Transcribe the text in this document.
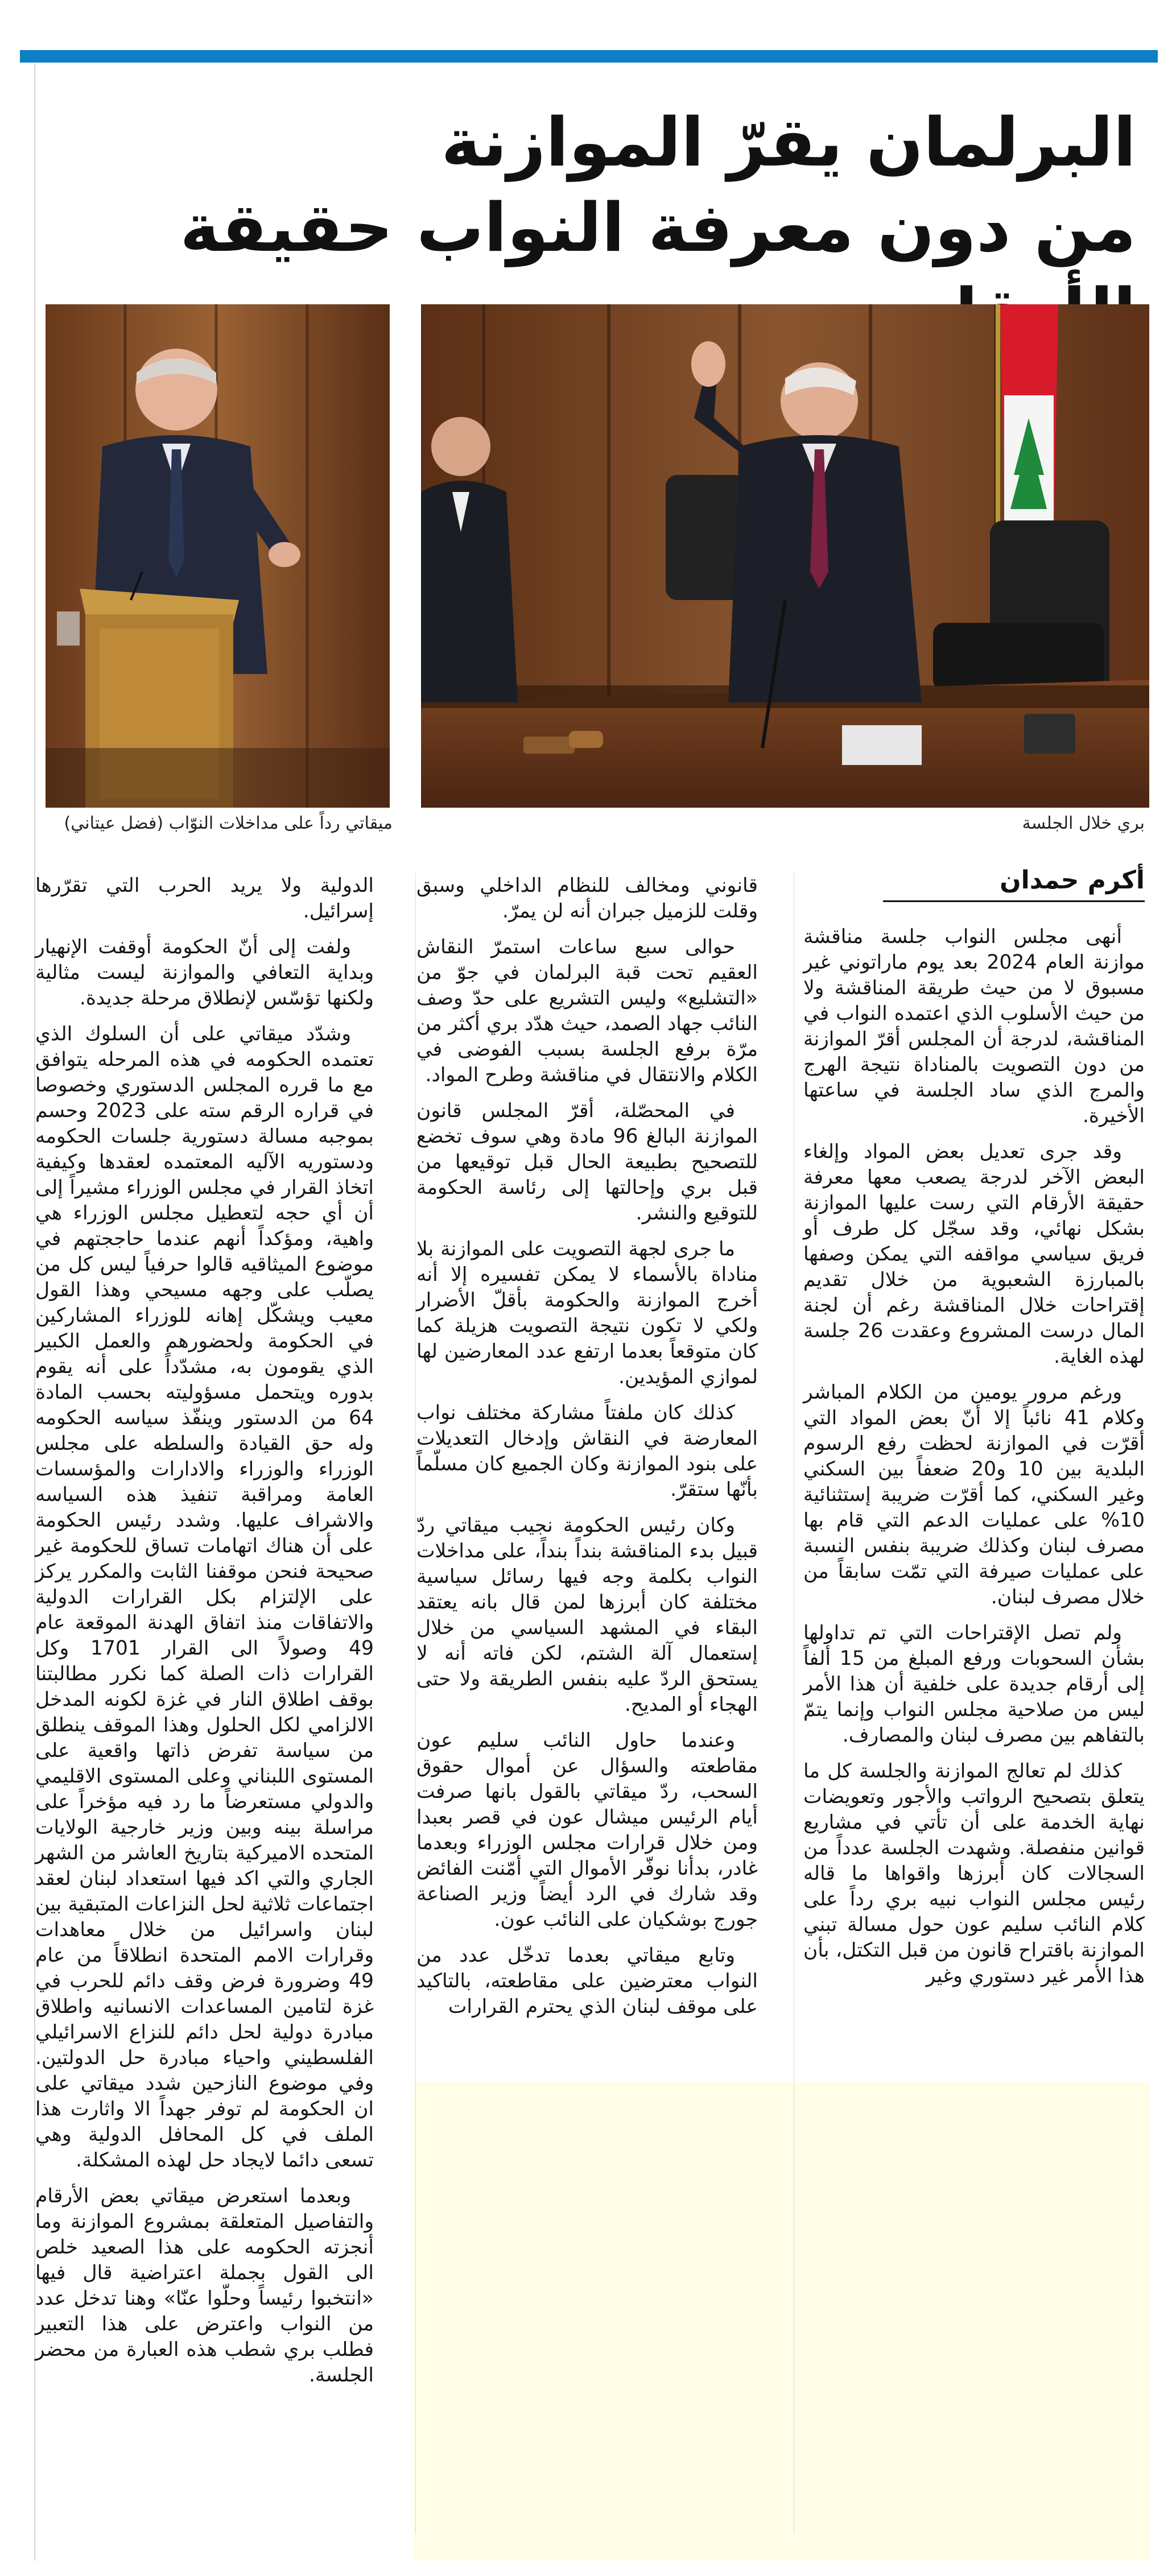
البرلمان يقرّ الموازنة
من دون معرفة النواب حقيقة
بري خلال الجلسة
ميقاتي رداً على مداخلات النوّاب (فضل عيتاني)
أكرم حمدان

أنهى مجلس النواب جلسة مناقشة موازنة العام 2024 بعد يوم ماراتوني غير مسبوق لا من حيث طريقة المناقشة ولا من حيث الأسلوب الذي اعتمده النواب في المناقشة، لدرجة أن المجلس أقرّ الموازنة من دون التصويت بالمناداة نتيجة الهرج والمرج الذي ساد الجلسة في ساعتها الأخيرة.

وقد جرى تعديل بعض المواد وإلغاء البعض الآخر لدرجة يصعب معها معرفة حقيقة الأرقام التي رست عليها الموازنة بشكل نهائي، وقد سجّل كل طرف أو فريق سياسي مواقفه التي يمكن وصفها بالمبارزة الشعبوية من خلال تقديم إقتراحات خلال المناقشة رغم أن لجنة المال درست المشروع وعقدت 26 جلسة لهذه الغاية.

ورغم مرور يومين من الكلام المباشر وكلام 41 نائباً إلا أنّ بعض المواد التي أقرّت في الموازنة لحظت رفع الرسوم البلدية بين 10 و20 ضعفاً بين السكني وغير السكني، كما أقرّت ضريبة إستثنائية 10% على عمليات الدعم التي قام بها مصرف لبنان وكذلك ضريبة بنفس النسبة على عمليات صيرفة التي تمّت سابقاً من خلال مصرف لبنان.

ولم تصل الإقتراحات التي تم تداولها بشأن السحوبات ورفع المبلغ من 15 ألفاً إلى أرقام جديدة على خلفية أن هذا الأمر ليس من صلاحية مجلس النواب وإنما يتمّ بالتفاهم بين مصرف لبنان والمصارف.

كذلك لم تعالج الموازنة والجلسة كل ما يتعلق بتصحيح الرواتب والأجور وتعويضات نهاية الخدمة على أن تأتي في مشاريع قوانين منفصلة. وشهدت الجلسة عدداً من السجالات كان أبرزها واقواها ما قاله رئيس مجلس النواب نبيه بري رداً على كلام النائب سليم عون حول مسالة تبني الموازنة باقتراح قانون من قبل التكتل، بأن هذا الأمر غير دستوري وغير

قانوني ومخالف للنظام الداخلي وسبق وقلت للزميل جبران أنه لن يمرّ.

حوالى سبع ساعات استمرّ النقاش العقيم تحت قبة البرلمان في جوّ من «التشليع» وليس التشريع على حدّ وصف النائب جهاد الصمد، حيث هدّد بري أكثر من مرّة برفع الجلسة بسبب الفوضى في الكلام والانتقال في مناقشة وطرح المواد.

في المحصّلة، أقرّ المجلس قانون الموازنة البالغ 96 مادة وهي سوف تخضع للتصحيح بطبيعة الحال قبل توقيعها من قبل بري وإحالتها إلى رئاسة الحكومة للتوقيع والنشر.

ما جرى لجهة التصويت على الموازنة بلا مناداة بالأسماء لا يمكن تفسيره إلا أنه أخرج الموازنة والحكومة بأقلّ الأضرار ولكي لا تكون نتيجة التصويت هزيلة كما كان متوقعاً بعدما ارتفع عدد المعارضين لها لموازي المؤيدين.

كذلك كان ملفتاً مشاركة مختلف نواب المعارضة في النقاش وإدخال التعديلات على بنود الموازنة وكان الجميع كان مسلّماً بأنّها ستقرّ.

وكان رئيس الحكومة نجيب ميقاتي ردّ قبيل بدء المناقشة بنداً بنداً، على مداخلات النواب بكلمة وجه فيها رسائل سياسية مختلفة كان أبرزها لمن قال بانه يعتقد البقاء في المشهد السياسي من خلال إستعمال آلة الشتم، لكن فاته أنه لا يستحق الردّ عليه بنفس الطريقة ولا حتى الهجاء أو المديح.

وعندما حاول النائب سليم عون مقاطعته والسؤال عن أموال حقوق السحب، ردّ ميقاتي بالقول بانها صرفت أيام الرئيس ميشال عون في قصر بعبدا ومن خلال قرارات مجلس الوزراء وبعدما غادر، بدأنا نوفّر الأموال التي أمّنت الفائض وقد شارك في الرد أيضاً وزير الصناعة جورج بوشكيان على النائب عون.

وتابع ميقاتي بعدما تدخّل عدد من النواب معترضين على مقاطعته، بالتاكيد على موقف لبنان الذي يحترم القرارات

الدولية ولا يريد الحرب التي تقرّرها إسرائيل.

ولفت إلى أنّ الحكومة أوقفت الإنهيار وبداية التعافي والموازنة ليست مثالية ولكنها تؤسّس لإنطلاق مرحلة جديدة.

وشدّد ميقاتي على أن السلوك الذي تعتمده الحكومه في هذه المرحله يتوافق مع ما قرره المجلس الدستوري وخصوصا في قراره الرقم سته على 2023 وحسم بموجبه مسالة دستورية جلسات الحكومه ودستوريه الآليه المعتمده لعقدها وكيفية اتخاذ القرار في مجلس الوزراء مشيراً إلى أن أي حجه لتعطيل مجلس الوزراء هي واهية، ومؤكداً أنهم عندما حاججتهم في موضوع الميثاقيه قالوا حرفياً ليس كل من يصلّب على وجهه مسيحي وهذا القول معيب ويشكّل إهانه للوزراء المشاركين في الحكومة ولحضورهم والعمل الكبير الذي يقومون به، مشدّداً على أنه يقوم بدوره ويتحمل مسؤوليته بحسب المادة 64 من الدستور وينفّذ سياسه الحكومه وله حق القيادة والسلطه على مجلس الوزراء والوزراء والادارات والمؤسسات العامة ومراقبة تنفيذ هذه السياسه والاشراف عليها. وشدد رئيس الحكومة على أن هناك اتهامات تساق للحكومة غير صحيحة فنحن موقفنا الثابت والمكرر يركز على الإلتزام بكل القرارات الدولية والاتفاقات منذ اتفاق الهدنة الموقعة عام 49 وصولاً الى القرار 1701 وكل القرارات ذات الصلة كما نكرر مطالبتنا بوقف اطلاق النار في غزة لكونه المدخل الالزامي لكل الحلول وهذا الموقف ينطلق من سياسة تفرض ذاتها واقعية على المستوى اللبناني وعلى المستوى الاقليمي والدولي مستعرضاً ما رد فيه مؤخراً على مراسلة بينه وبين وزير خارجية الولايات المتحده الاميركية بتاريخ العاشر من الشهر الجاري والتي اكد فيها استعداد لبنان لعقد اجتماعات ثلاثية لحل النزاعات المتبقية بين لبنان واسرائيل من خلال معاهدات وقرارات الامم المتحدة انطلاقاً من عام 49 وضرورة فرض وقف دائم للحرب في غزة لتامين المساعدات الانسانيه واطلاق مبادرة دولية لحل دائم للنزاع الاسرائيلي الفلسطيني واحياء مبادرة حل الدولتين. وفي موضوع النازحين شدد ميقاتي على ان الحكومة لم توفر جهداً الا واثارت هذا الملف في كل المحافل الدولية وهي تسعى دائما لايجاد حل لهذه المشكلة.

وبعدما استعرض ميقاتي بعض الأرقام والتفاصيل المتعلقة بمشروع الموازنة وما أنجزته الحكومه على هذا الصعيد خلص الى القول بجملة اعتراضية قال فيها «انتخبوا رئيساً وحلّوا عنّا» وهنا تدخل عدد من النواب واعترض على هذا التعبير فطلب بري شطب هذه العبارة من محضر الجلسة.
